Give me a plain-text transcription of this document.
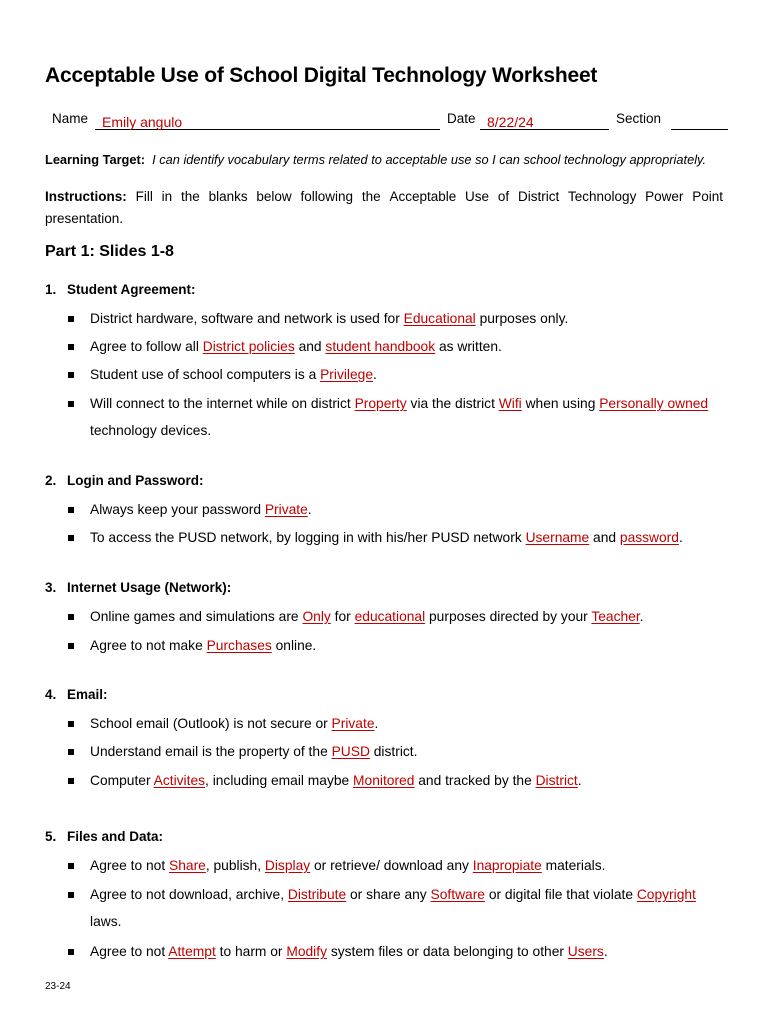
Acceptable Use of School Digital Technology Worksheet
Name Emily angulo	Date 8/22/24	Section
Learning Target: I can identify vocabulary terms related to acceptable use so I can school technology appropriately.
Instructions: Fill in the blanks below following the Acceptable Use of District Technology Power Point
presentation.
Part 1: Slides 1-8
1. Student Agreement:
District hardware, software and network is used for Educational purposes only.
Agree to follow all District policies and student handbook as written.
Student use of school computers is a Privilege.
Will connect to the internet while on district Property via the district Wifi when using Personally owned
technology devices.
2. Login and Password:
Always keep your password Private.
To access the PUSD network, by logging in with his/her PUSD network Username and password.
3. Internet Usage (Network):
Online games and simulations are Only for educational purposes directed by your Teacher.
Agree to not make Purchases online.
4. Email:
School email (Outlook) is not secure or Private.
Understand email is the property of the PUSD district.
Computer Activites, including email maybe Monitored and tracked by the District.
5. Files and Data:
Agree to not Share, publish, Display or retrieve/ download any Inapropiate materials.
Agree to not download, archive, Distribute or share any Software or digital file that violate Copyright
laws.
Agree to not Attempt to harm or Modify system files or data belonging to other Users.
23-24
